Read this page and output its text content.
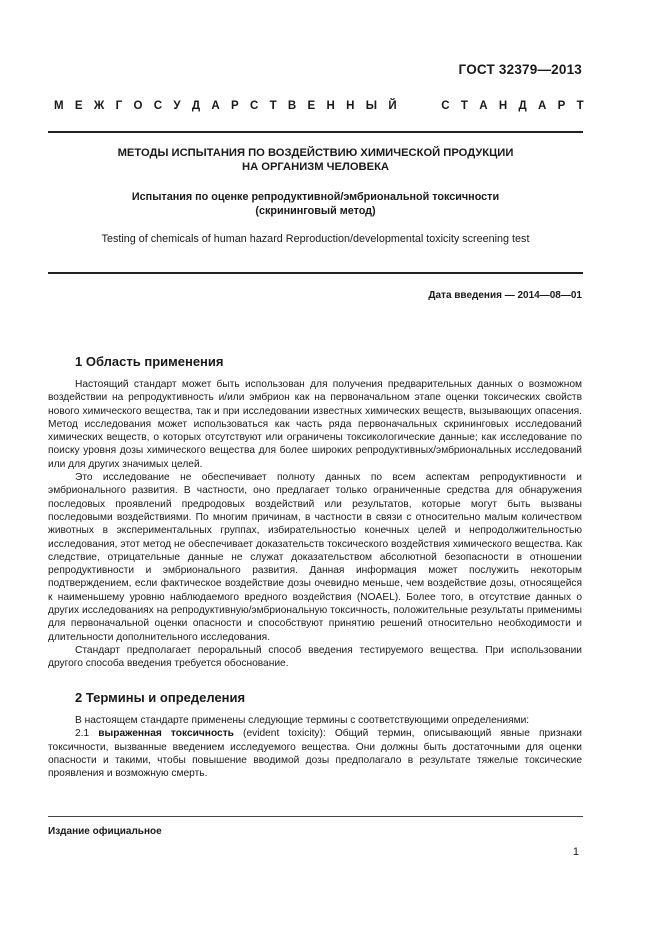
ГОСТ 32379—2013
М Е Ж Г О С У Д А Р С Т В Е Н Н Ы Й	С Т А Н Д А Р Т
МЕТОДЫ ИСПЫТАНИЯ ПО ВОЗДЕЙСТВИЮ ХИМИЧЕСКОЙ ПРОДУКЦИИ
НА ОРГАНИЗМ ЧЕЛОВЕКА
Испытания по оценке репродуктивной/эмбриональной токсичности
(скрининговый метод)
Testing of chemicals of human hazard Reproduction/developmental toxicity screening test
Дата введения — 2014—08—01
1 Область применения

Настоящий стандарт может быть использован для получения предварительных данных о возможном воздействии на репродуктивность и/или эмбрион как на первоначальном этапе оценки токсических свойств нового химического вещества, так и при исследовании известных химических веществ, вызывающих опасения. Метод исследования может использоваться как часть ряда первоначальных скрининговых исследований химических веществ, о которых отсутствуют или ограничены токсикологические данные; как исследование по поиску уровня дозы химического вещества для более широких репродуктивных/эмбриональных исследований или для других значимых целей.

Это исследование не обеспечивает полноту данных по всем аспектам репродуктивности и эмбрионального развития. В частности, оно предлагает только ограниченные средства для обнаружения последовых проявлений предродовых воздействий или результатов, которые могут быть вызваны последовыми воздействиями. По многим причинам, в частности в связи с относительно малым количеством животных в экспериментальных группах, избирательностью конечных целей и непродолжительностью исследования, этот метод не обеспечивает доказательств токсического воздействия химического вещества. Как следствие, отрицательные данные не служат доказательством абсолютной безопасности в отношении репродуктивности и эмбрионального развития. Данная информация может послужить некоторым подтверждением, если фактическое воздействие дозы очевидно меньше, чем воздействие дозы, относящейся к наименьшему уровню наблюдаемого вредного воздействия (NOAEL). Более того, в отсутствие данных о других исследованиях на репродуктивную/эмбриональную токсичность, положительные результаты применимы для первоначальной оценки опасности и способствуют принятию решений относительно необходимости и длительности дополнительного исследования.

Стандарт предполагает пероральный способ введения тестируемого вещества. При использовании другого способа введения требуется обоснование.

2 Термины и определения

В настоящем стандарте применены следующие термины с соответствующими определениями:

2.1 выраженная токсичность (evident toxicity): Общий термин, описывающий явные признаки токсичности, вызванные введением исследуемого вещества. Они должны быть достаточными для оценки опасности и такими, чтобы повышение вводимой дозы предполагало в результате тяжелые токсические проявления и возможную смерть.

Издание официальное
1
